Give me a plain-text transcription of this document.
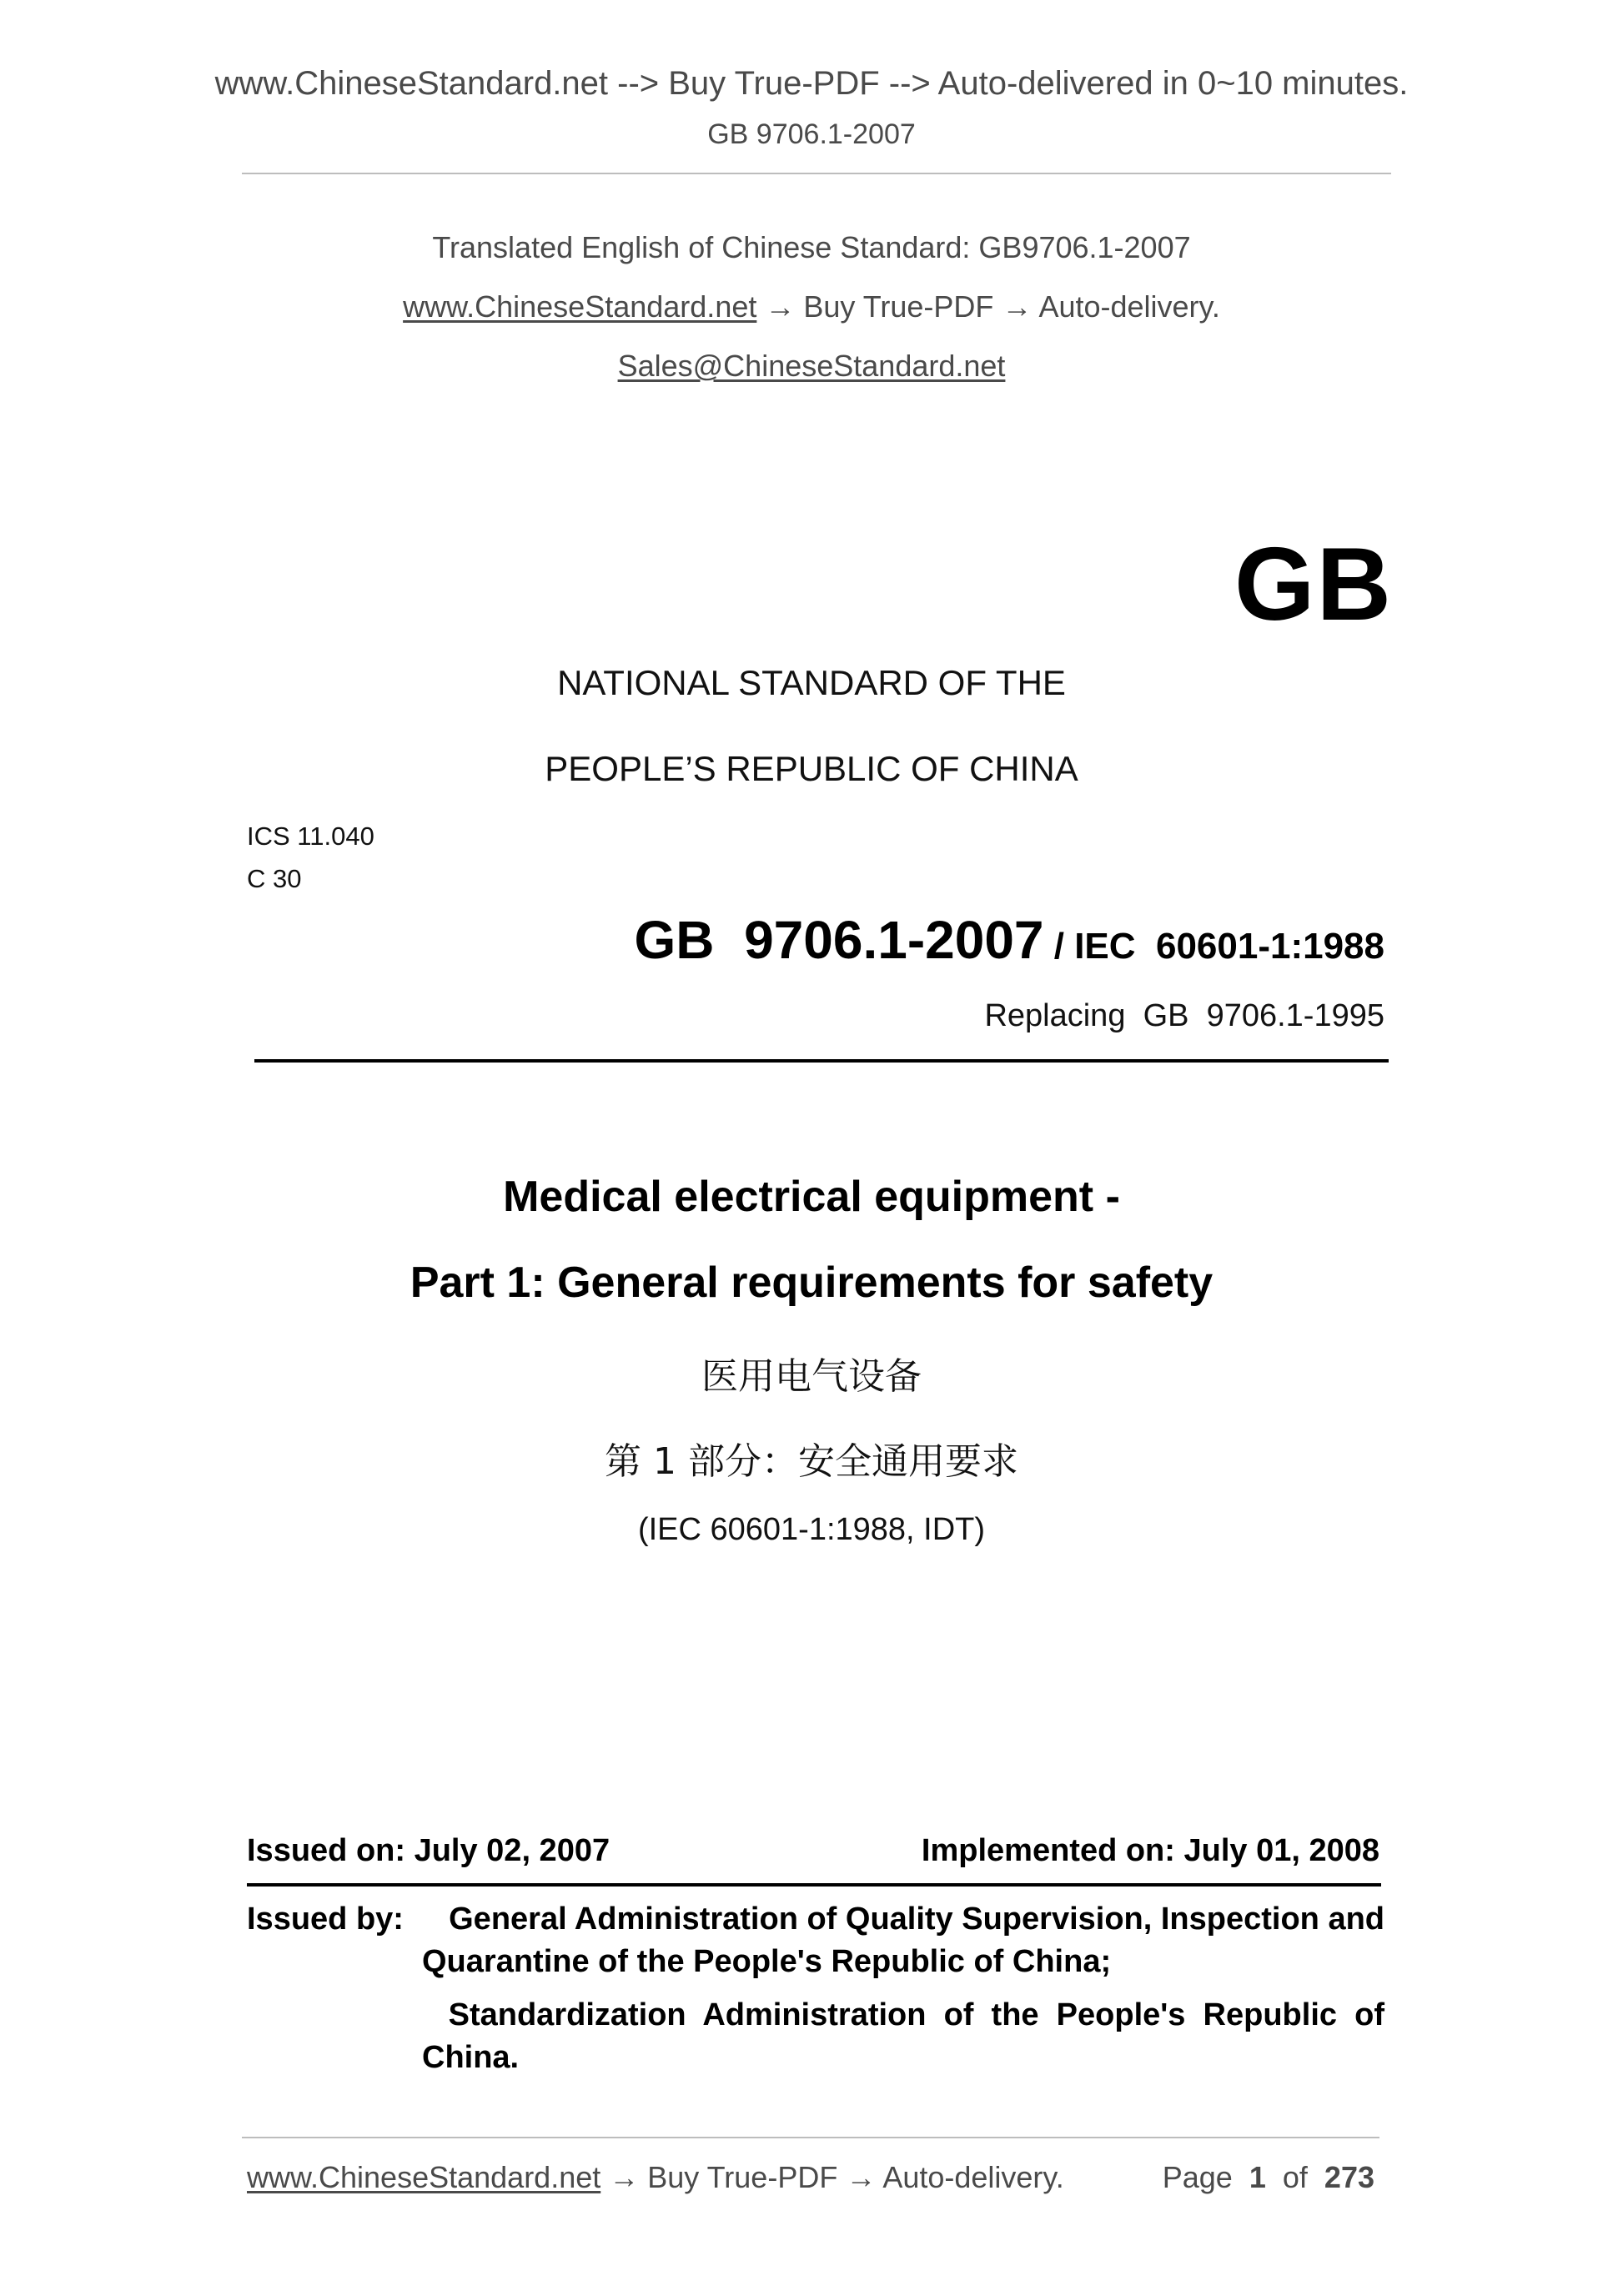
www.ChineseStandard.net --> Buy True-PDF --> Auto-delivered in 0~10 minutes.
GB 9706.1-2007
Translated English of Chinese Standard: GB9706.1-2007
www.ChineseStandard.net → Buy True-PDF → Auto-delivery.
Sales@ChineseStandard.net
GB
NATIONAL STANDARD OF THE
PEOPLE’S REPUBLIC OF CHINA
ICS 11.040
C 30
GB  9706.1-2007 / IEC  60601-1:1988
Replacing  GB  9706.1-1995
Medical electrical equipment -
Part 1: General requirements for safety
医用电气设备
第 1 部分：安全通用要求
(IEC 60601-1:1988, IDT)
Issued on: July 02, 2007	Implemented on: July 01, 2008
Issued by:	General Administration of Quality Supervision, Inspection and
Quarantine of the People's Republic of China;
Standardization  Administration  of  the  People's  Republic  of
China.
www.ChineseStandard.net → Buy True-PDF → Auto-delivery.	Page 1 of 273
